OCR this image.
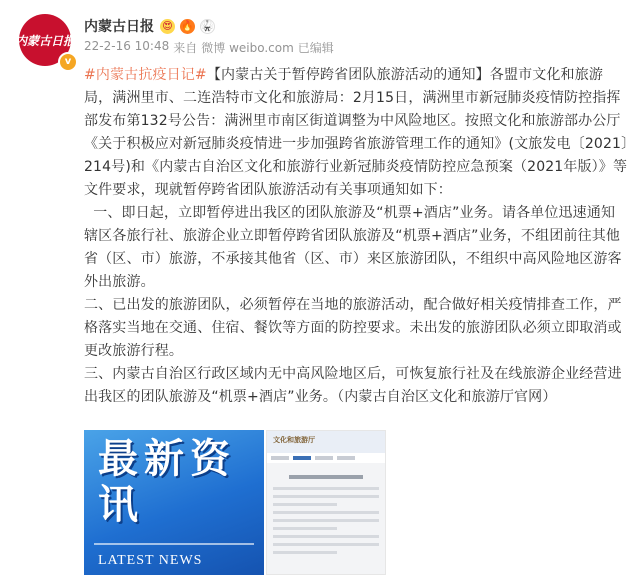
内蒙古日报
v
内蒙古日报 😍 🔥 🥋
22-2-16 10:48 来自 微博 weibo.com 已编辑

#内蒙古抗疫日记#【内蒙古关于暂停跨省团队旅游活动的通知】各盟市文化和旅游局，满洲里市、二连浩特市文化和旅游局：2月15日，满洲里市新冠肺炎疫情防控指挥部发布第132号公告：满洲里市南区街道调整为中风险地区。按照文化和旅游部办公厅《关于积极应对新冠肺炎疫情进一步加强跨省旅游管理工作的通知》(文旅发电〔2021〕214号)和《内蒙古自治区文化和旅游行业新冠肺炎疫情防控应急预案（2021年版）》等文件要求，现就暂停跨省团队旅游活动有关事项通知如下：

一、即日起，立即暂停进出我区的团队旅游及“机票+酒店”业务。请各单位迅速通知辖区各旅行社、旅游企业立即暂停跨省团队旅游及“机票+酒店”业务，不组团前往其他省（区、市）旅游，不承接其他省（区、市）来区旅游团队，不组织中高风险地区游客外出旅游。

二、已出发的旅游团队，必须暂停在当地的旅游活动，配合做好相关疫情排查工作，严格落实当地在交通、住宿、餐饮等方面的防控要求。未出发的旅游团队必须立即取消或更改旅游行程。

三、内蒙古自治区行政区域内无中高风险地区后，可恢复旅行社及在线旅游企业经营进出我区的团队旅游及“机票+酒店”业务。（内蒙古自治区文化和旅游厅官网）

最新资讯
LATEST NEWS
文化和旅游厅
